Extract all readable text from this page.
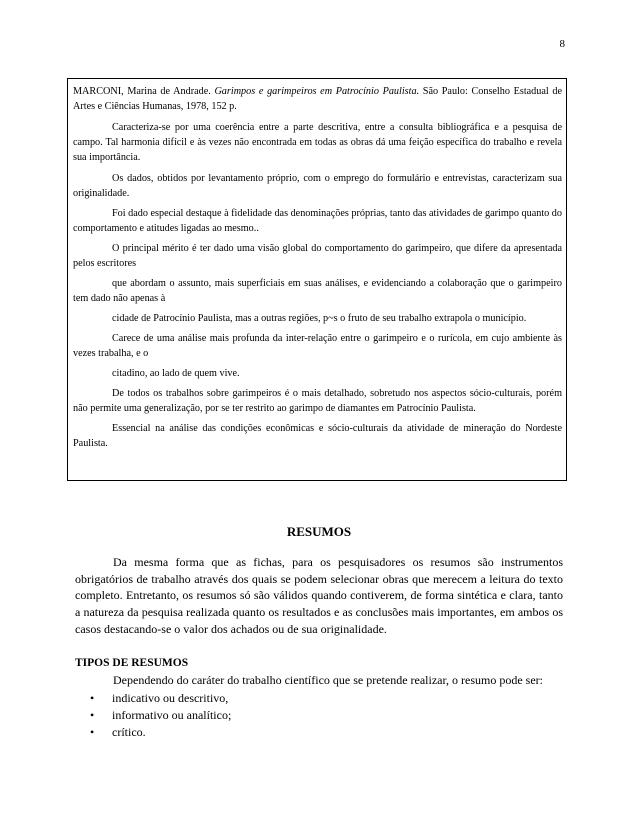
8

MARCONI, Marina de Andrade. Garimpos e garimpeiros em Patrocínio Paulista. São Paulo: Conselho Estadual de Artes e Ciências Humanas, 1978, 152 p.

Caracteriza-se por uma coerência entre a parte descritiva, entre a consulta bibliográfica e a pesquisa de campo. Tal harmonia difícil e às vezes não encontrada em todas as obras dá uma feição específica do trabalho e revela sua importância.

Os dados, obtidos por levantamento próprio, com o emprego do formulário e entrevistas, caracterizam sua originalidade.

Foi dado especial destaque à fidelidade das denominações próprias, tanto das atividades de garimpo quanto do comportamento e atitudes ligadas ao mesmo..

O principal mérito é ter dado uma visão global do comportamento do garimpeiro, que difere da apresentada pelos escritores

que abordam o assunto, mais superficiais em suas análises, e evidenciando a colaboração que o garimpeiro tem dado não apenas à

cidade de Patrocínio Paulista, mas a outras regiões, p~s o fruto de seu trabalho extrapola o município.

Carece de uma análise mais profunda da inter-relação entre o garimpeiro e o rurícola, em cujo ambiente às vezes trabalha, e o

citadino, ao lado de quem vive.

De todos os trabalhos sobre garimpeiros é o mais detalhado, sobretudo nos aspectos sócio-culturais, porém não permite uma generalização, por se ter restrito ao garimpo de diamantes em Patrocínio Paulista.

Essencial na análise das condições econômicas e sócio-culturais da atividade de mineração do Nordeste Paulista.

RESUMOS

Da mesma forma que as fichas, para os pesquisadores os resumos são instrumentos obrigatórios de trabalho através dos quais se podem selecionar obras que merecem a leitura do texto completo. Entretanto, os resumos só são válidos quando contiverem, de forma sintética e clara, tanto a natureza da pesquisa realizada quanto os resultados e as conclusões mais importantes, em ambos os casos destacando-se o valor dos achados ou de sua originalidade.

TIPOS DE RESUMOS

Dependendo do caráter do trabalho científico que se pretende realizar, o resumo pode ser:

• indicativo ou descritivo,
• informativo ou analítico;
• crítico.
